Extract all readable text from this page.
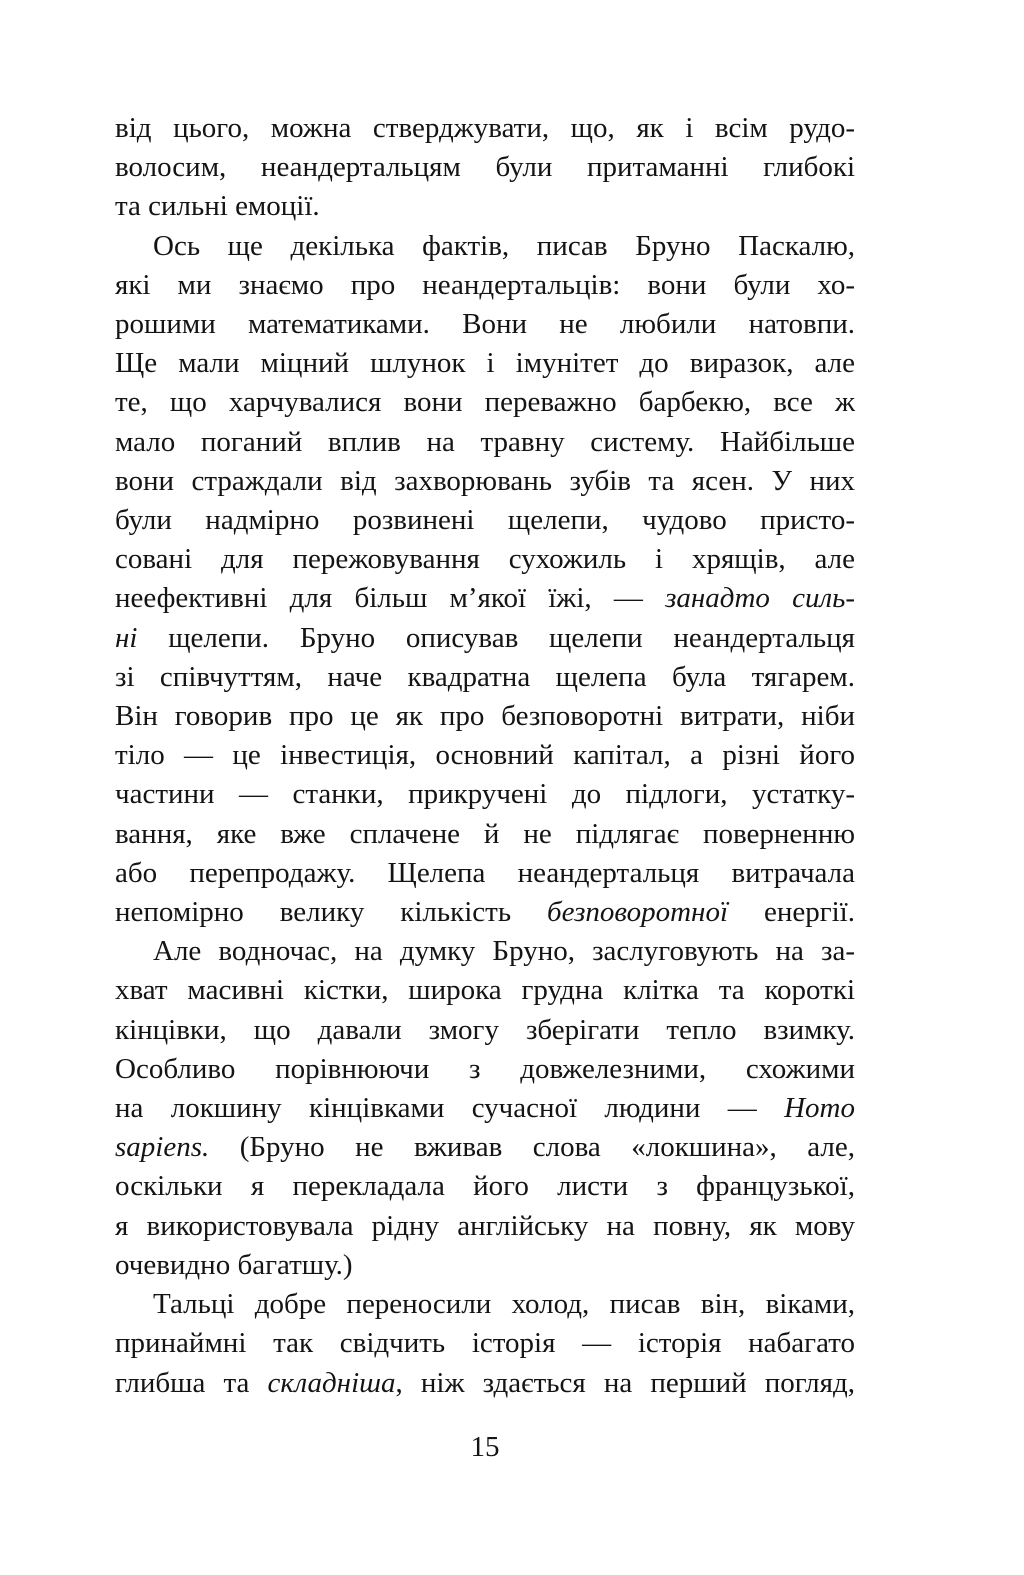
від цього, можна стверджувати, що, як і всім рудо-
волосим, неандертальцям були притаманні глибокі
та сильні емоції.
Ось ще декілька фактів, писав Бруно Паскалю,
які ми знаємо про неандертальців: вони були хо-
рошими математиками. Вони не любили натовпи.
Ще мали міцний шлунок і імунітет до виразок, але
те, що харчувалися вони переважно барбекю, все ж
мало поганий вплив на травну систему. Найбільше
вони страждали від захворювань зубів та ясен. У них
були надмірно розвинені щелепи, чудово присто-
совані для пережовування сухожиль і хрящів, але
неефективні для більш м’якої їжі, — занадто силь-
ні щелепи. Бруно описував щелепи неандертальця
зі співчуттям, наче квадратна щелепа була тягарем.
Він говорив про це як про безповоротні витрати, ніби
тіло — це інвестиція, основний капітал, а різні його
частини — станки, прикручені до підлоги, устатку-
вання, яке вже сплачене й не підлягає поверненню
або перепродажу. Щелепа неандертальця витрачала
непомірно велику кількість безповоротної енергії.
Але водночас, на думку Бруно, заслуговують на за-
хват масивні кістки, широка грудна клітка та короткі
кінцівки, що давали змогу зберігати тепло взимку.
Особливо порівнюючи з довжелезними, схожими
на локшину кінцівками сучасної людини — Homo
sapiens. (Бруно не вживав слова «локшина», але,
оскільки я перекладала його листи з французької,
я використовувала рідну англійську на повну, як мову
очевидно багатшу.)
Тальці добре переносили холод, писав він, віками,
принаймні так свідчить історія — історія набагато
глибша та складніша, ніж здається на перший погляд,
15
